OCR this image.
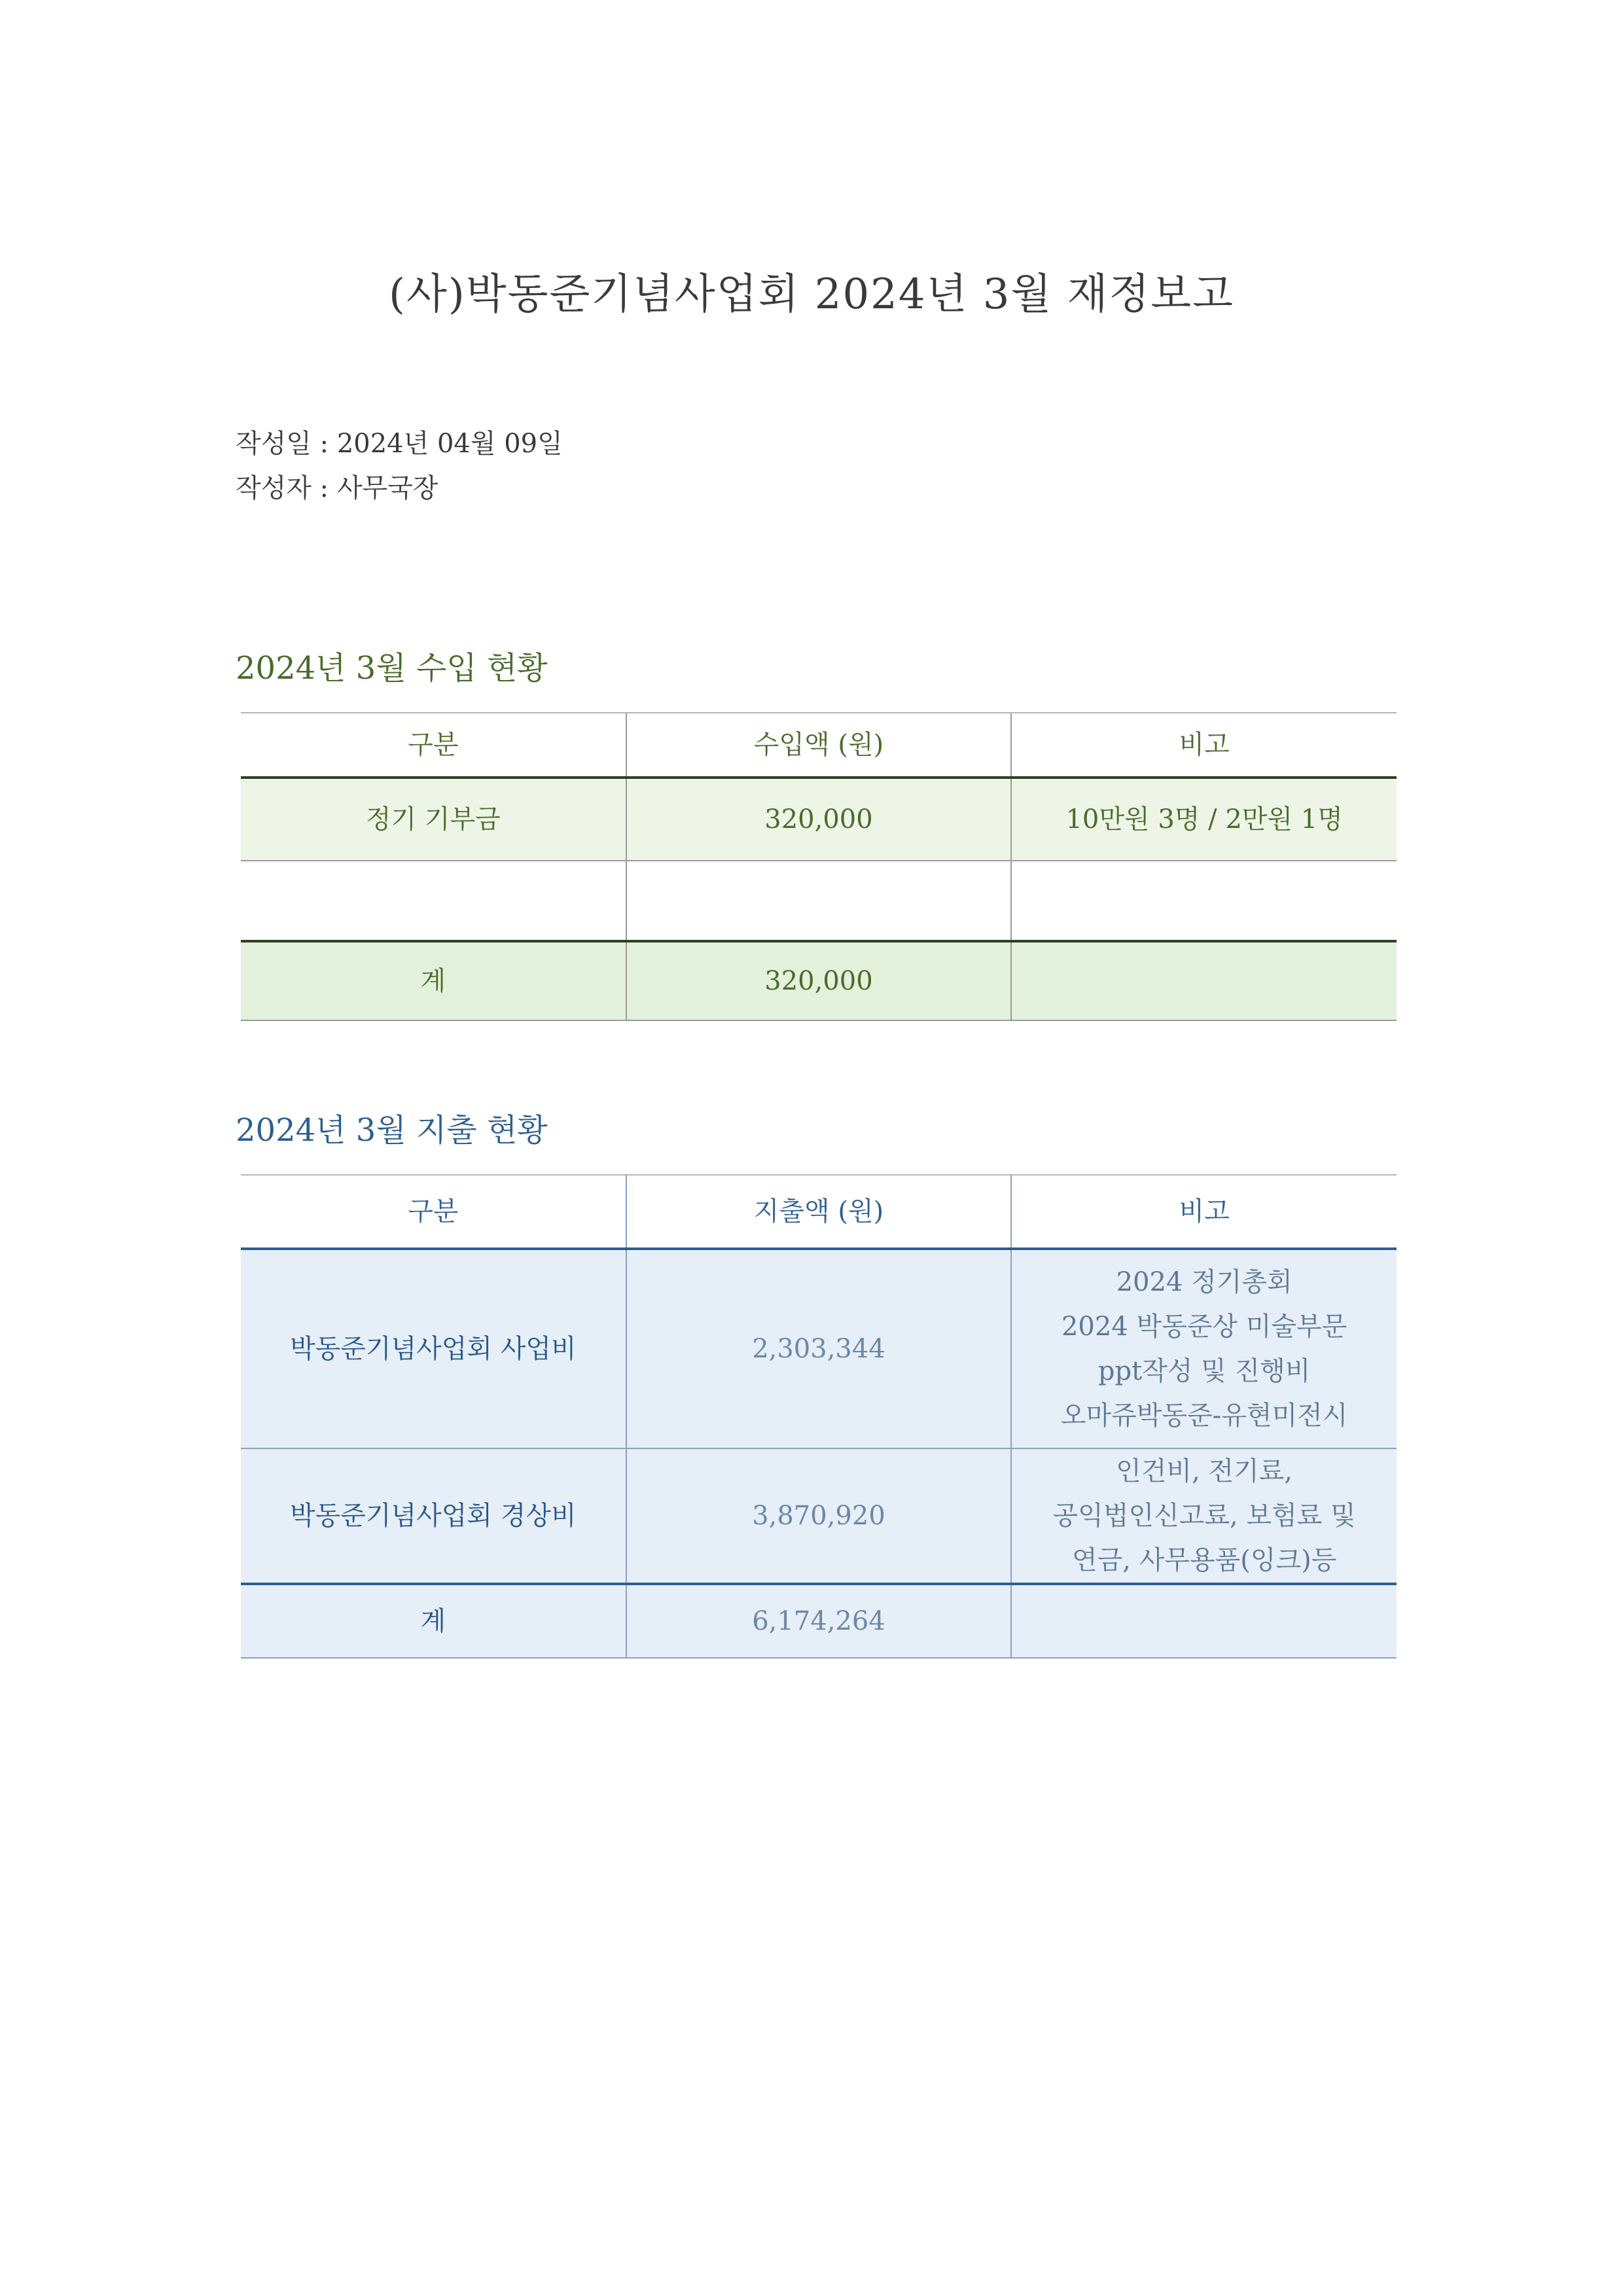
(사)박동준기념사업회 2024년 3월 재정보고
작성일 : 2024년 04월 09일
작성자 : 사무국장
2024년 3월 수입 현황
구분	수입액 (원)	비고
정기 기부금	320,000	10만원 3명 / 2만원 1명

계	320,000	
2024년 3월 지출 현황
구분	지출액 (원)	비고
박동준기념사업회 사업비	2,303,344	2024 정기총회
2024 박동준상 미술부문
ppt작성 및 진행비
오마쥬박동준-유현미전시

박동준기념사업회 경상비	3,870,920	인건비, 전기료,
공익법인신고료, 보험료 및
연금, 사무용품(잉크)등

계	6,174,264	
